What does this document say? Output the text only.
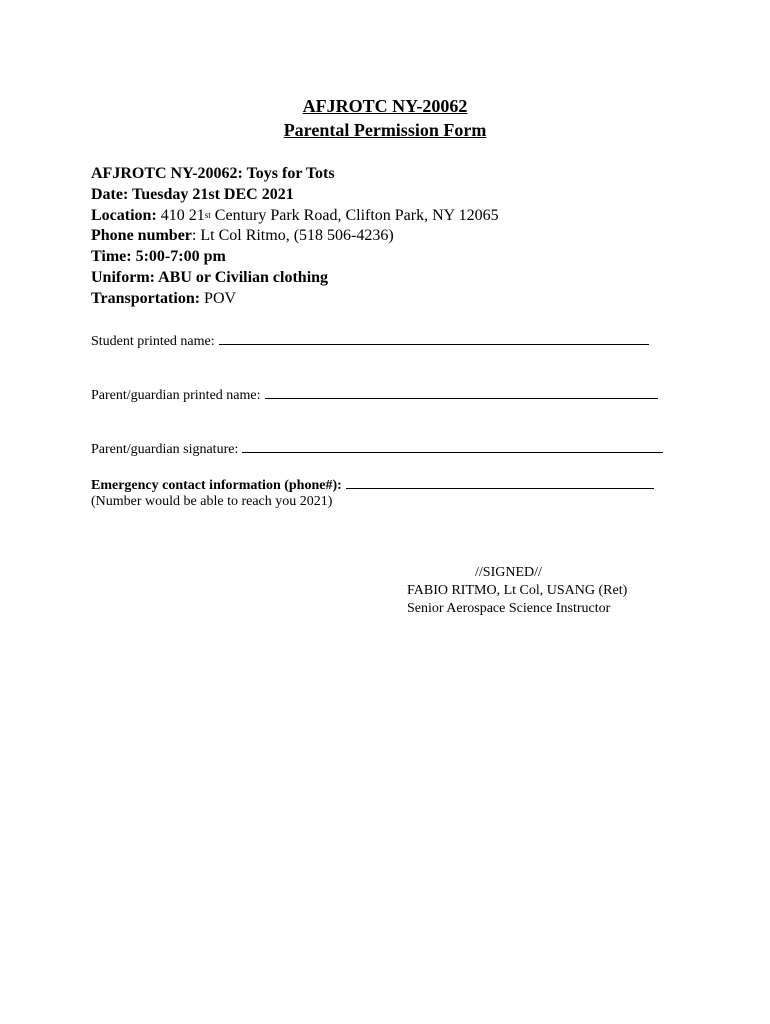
AFJROTC NY-20062
Parental Permission Form
AFJROTC NY-20062: Toys for Tots
Date: Tuesday 21st DEC 2021
Location: 410 21st Century Park Road, Clifton Park, NY 12065
Phone number: Lt Col Ritmo, (518 506-4236)
Time: 5:00-7:00 pm
Uniform: ABU or Civilian clothing
Transportation: POV
Student printed name:
Parent/guardian printed name:
Parent/guardian signature:
Emergency contact information (phone#):
(Number would be able to reach you 2021)
//SIGNED//
FABIO RITMO, Lt Col, USANG (Ret)
Senior Aerospace Science Instructor
